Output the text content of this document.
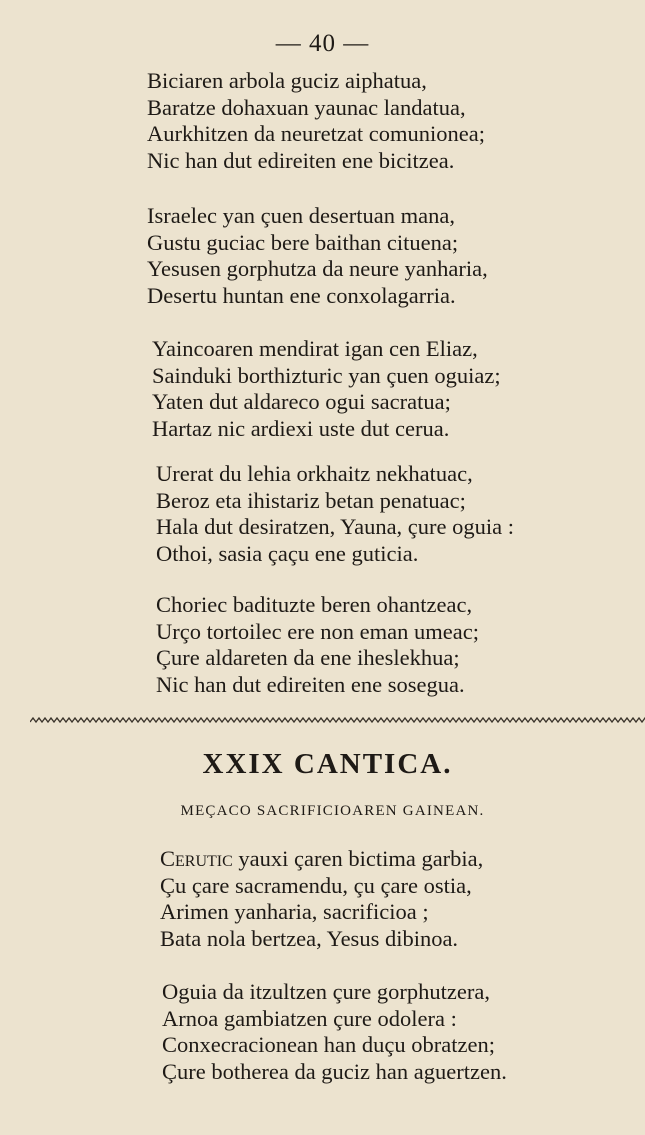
— 40 —
Biciaren arbola guciz aiphatua,
Baratze dohaxuan yaunac landatua,
Aurkhitzen da neuretzat comunionea;
Nic han dut edireiten ene bicitzea.
Israelec yan çuen desertuan mana,
Gustu guciac bere baithan cituena;
Yesusen gorphutza da neure yanharia,
Desertu huntan ene conxolagarria.
Yaincoaren mendirat igan cen Eliaz,
Sainduki borthizturic yan çuen oguiaz;
Yaten dut aldareco ogui sacratua;
Hartaz nic ardiexi uste dut cerua.
Urerat du lehia orkhaitz nekhatuac,
Beroz eta ihistariz betan penatuac;
Hala dut desiratzen, Yauna, çure oguia :
Othoi, sasia çaçu ene guticia.
Choriec badituzte beren ohantzeac,
Urço tortoilec ere non eman umeac;
Çure aldareten da ene iheslekhua;
Nic han dut edireiten ene sosegua.
XXIX CANTICA.
MEÇACO SACRIFICIOAREN GAINEAN.
Cerutic yauxi çaren bictima garbia,
Çu çare sacramendu, çu çare ostia,
Arimen yanharia, sacrificioa ;
Bata nola bertzea, Yesus dibinoa.
Oguia da itzultzen çure gorphutzera,
Arnoa gambiatzen çure odolera :
Conxecracionean han duçu obratzen;
Çure botherea da guciz han aguertzen.
